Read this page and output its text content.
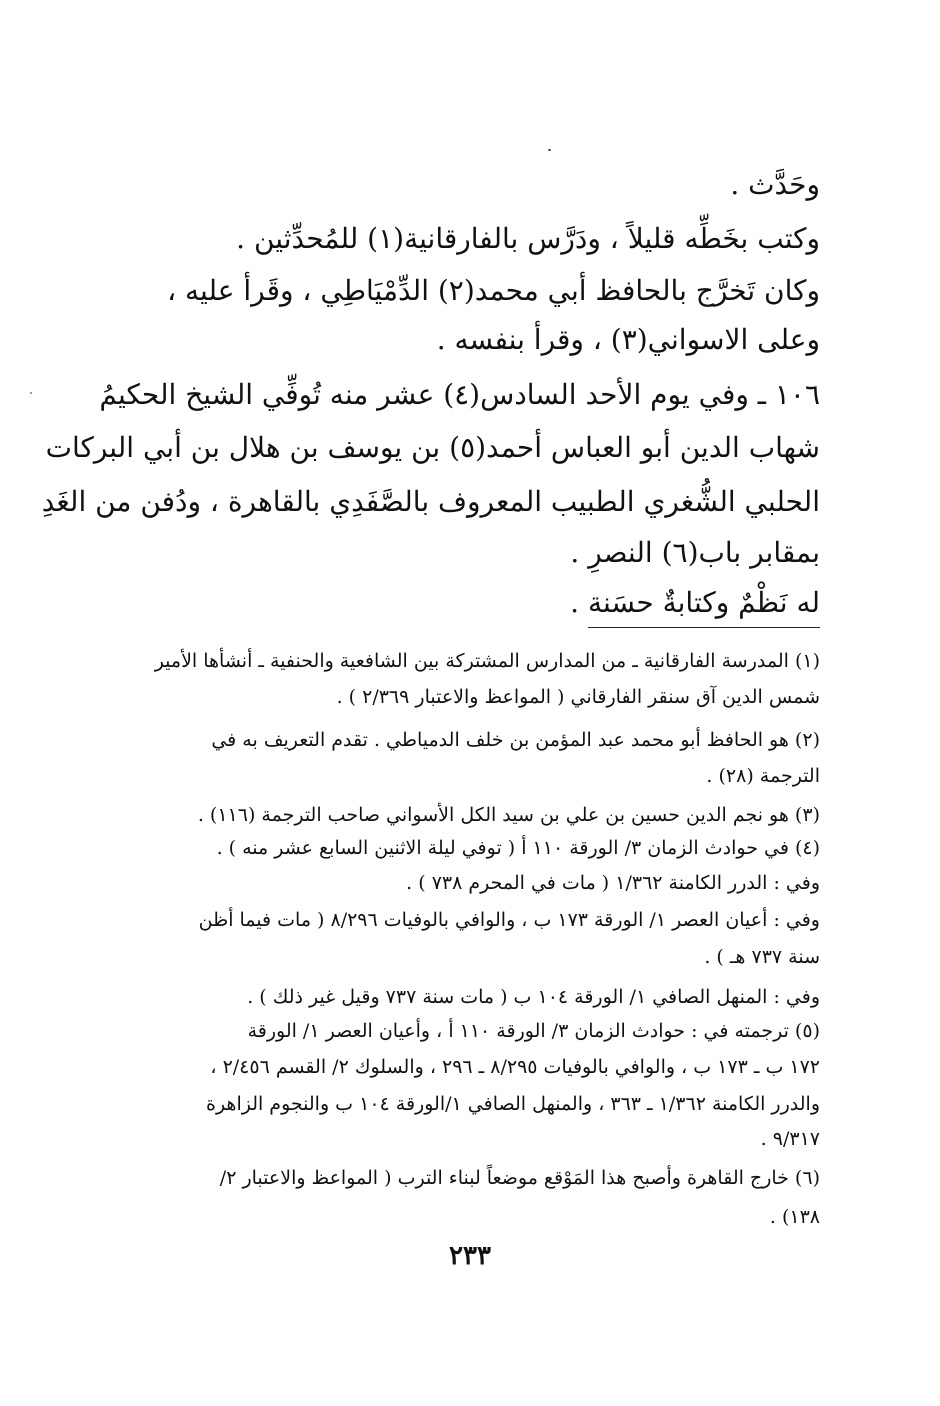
وحَدَّث .
وكتب بخَطِّه قليلاً ، ودَرَّس بالفارقانية(١) للمُحدِّثين .
وكان تَخرَّج بالحافظ أبي محمد(٢) الدِّمْيَاطِي ، وقَرأ عليه ،
وعلى الاسواني(٣) ، وقرأ بنفسه .
١٠٦ ـ وفي يوم الأحد السادس(٤) عشر منه تُوفِّي الشيخ الحكيمُ
شهاب الدين أبو العباس أحمد(٥) بن يوسف بن هلال بن أبي البركات
الحلبي الشُّغري الطبيب المعروف بالصَّفَدِي بالقاهرة ، ودُفن من الغَدِ
بمقابر باب(٦) النصرِ .
له نَظْمٌ وكتابةٌ حسَنة .
(١) المدرسة الفارقانية ـ من المدارس المشتركة بين الشافعية والحنفية ـ أنشأها الأمير
شمس الدين آق سنقر الفارقاني ( المواعظ والاعتبار ٢/٣٦٩ ) .
(٢) هو الحافظ أبو محمد عبد المؤمن بن خلف الدمياطي . تقدم التعريف به في
الترجمة (٢٨) .
(٣) هو نجم الدين حسين بن علي بن سيد الكل الأسواني صاحب الترجمة (١١٦) .
(٤) في حوادث الزمان ٣/ الورقة ١١٠ أ ( توفي ليلة الاثنين السابع عشر منه ) .
وفي : الدرر الكامنة ١/٣٦٢ ( مات في المحرم ٧٣٨ ) .
وفي : أعيان العصر ١/ الورقة ١٧٣ ب ، والوافي بالوفيات ٨/٢٩٦ ( مات فيما أظن
سنة ٧٣٧ هـ ) .
وفي : المنهل الصافي ١/ الورقة ١٠٤ ب ( مات سنة ٧٣٧ وقيل غير ذلك ) .
(٥) ترجمته في : حوادث الزمان ٣/ الورقة ١١٠ أ ، وأعيان العصر ١/ الورقة
١٧٢ ب ـ ١٧٣ ب ، والوافي بالوفيات ٨/٢٩٥ ـ ٢٩٦ ، والسلوك ٢/ القسم ٢/٤٥٦ ،
والدرر الكامنة ١/٣٦٢ ـ ٣٦٣ ، والمنهل الصافي ١/الورقة ١٠٤ ب والنجوم الزاهرة
٩/٣١٧ .
(٦) خارج القاهرة وأصبح هذا المَوْقع موضعاً لبناء الترب ( المواعظ والاعتبار ٢/
١٣٨) .
٢٣٣
